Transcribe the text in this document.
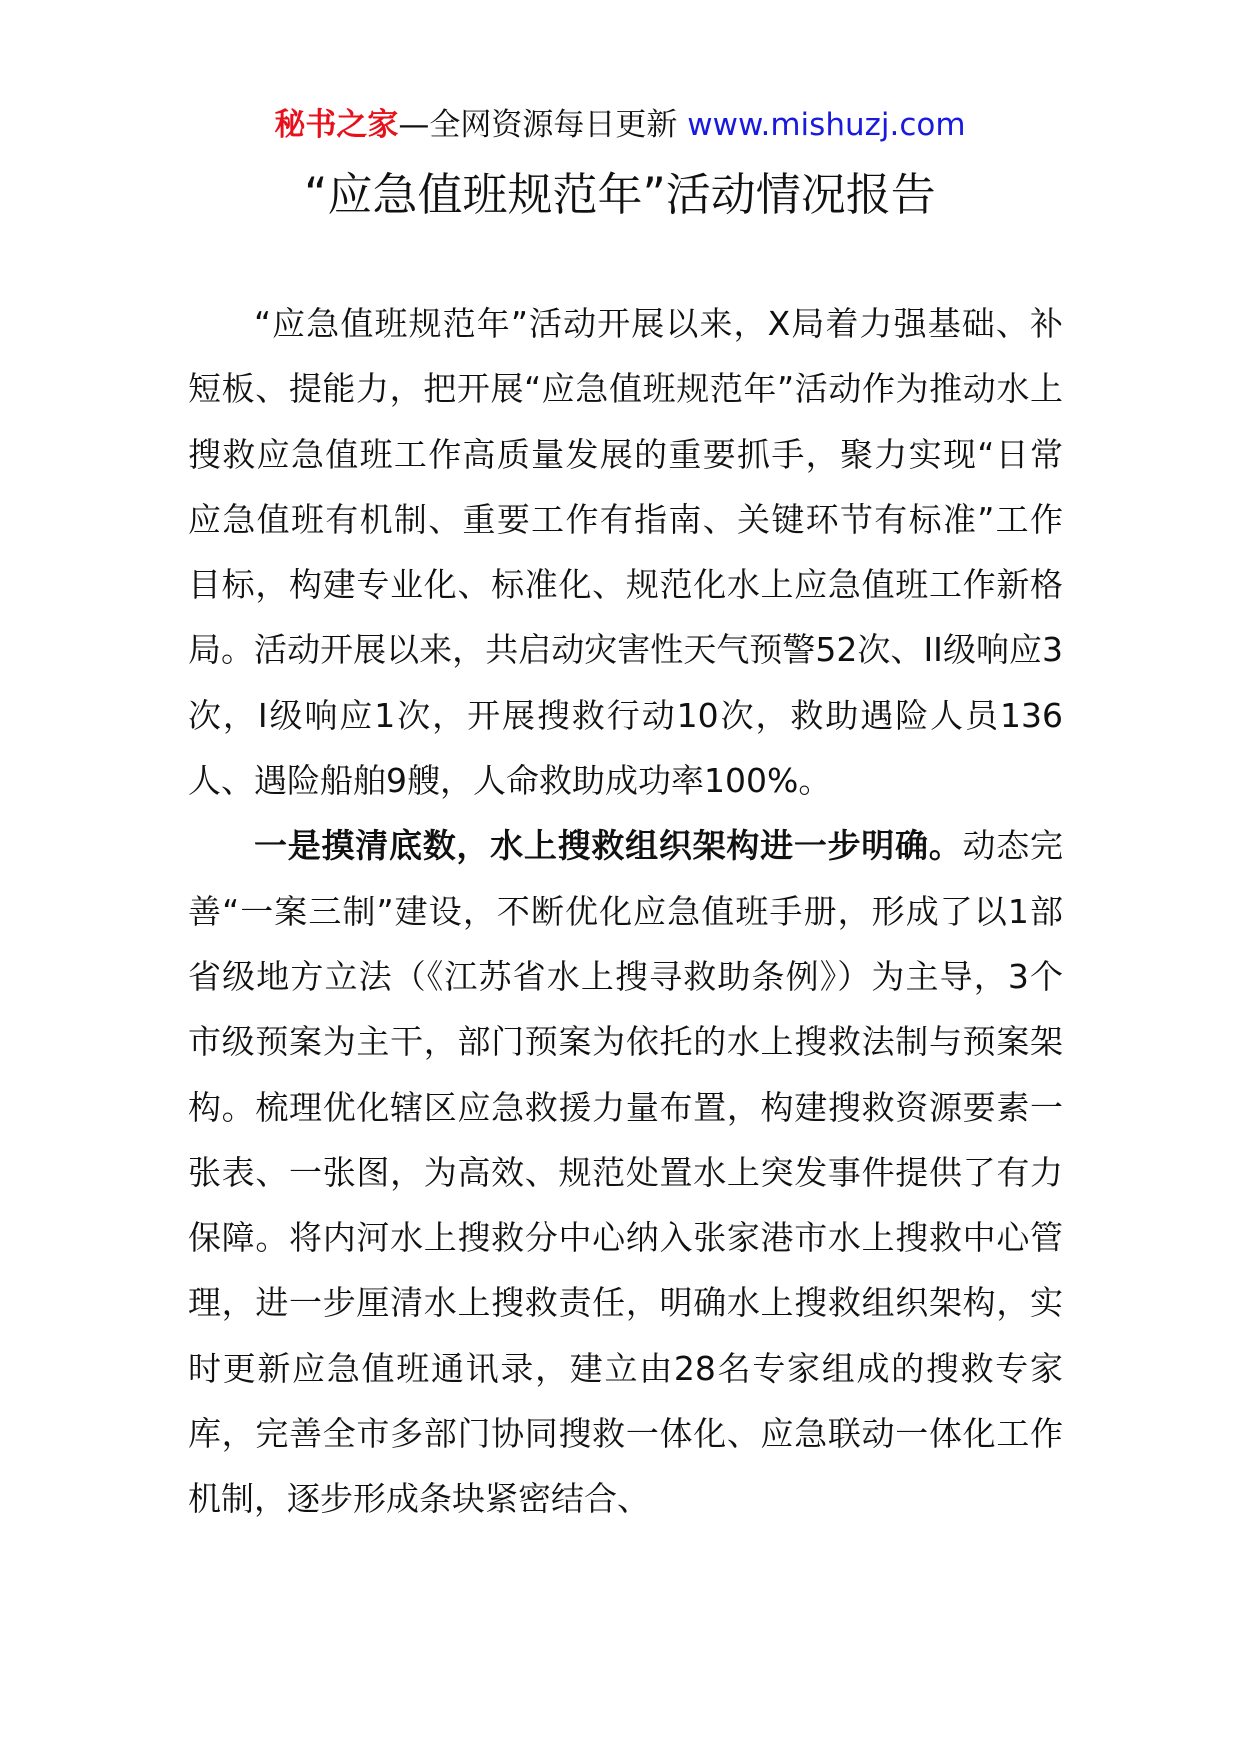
秘书之家—全网资源每日更新 www.mishuzj.com
“应急值班规范年”活动情况报告

“应急值班规范年”活动开展以来，X局着力强基础、补短板、提能力，把开展“应急值班规范年”活动作为推动水上搜救应急值班工作高质量发展的重要抓手，聚力实现“日常应急值班有机制、重要工作有指南、关键环节有标准”工作目标，构建专业化、标准化、规范化水上应急值班工作新格局。活动开展以来，共启动灾害性天气预警52次、II级响应3次，Ⅰ级响应1次，开展搜救行动10次，救助遇险人员136人、遇险船舶9艘，人命救助成功率100%。

一是摸清底数，水上搜救组织架构进一步明确。动态完善“一案三制”建设，不断优化应急值班手册，形成了以1部省级地方立法（《江苏省水上搜寻救助条例》）为主导，3个市级预案为主干，部门预案为依托的水上搜救法制与预案架构。梳理优化辖区应急救援力量布置，构建搜救资源要素一张表、一张图，为高效、规范处置水上突发事件提供了有力保障。将内河水上搜救分中心纳入张家港市水上搜救中心管理，进一步厘清水上搜救责任，明确水上搜救组织架构，实时更新应急值班通讯录，建立由28名专家组成的搜救专家库，完善全市多部门协同搜救一体化、应急联动一体化工作机制，逐步形成条块紧密结合、
